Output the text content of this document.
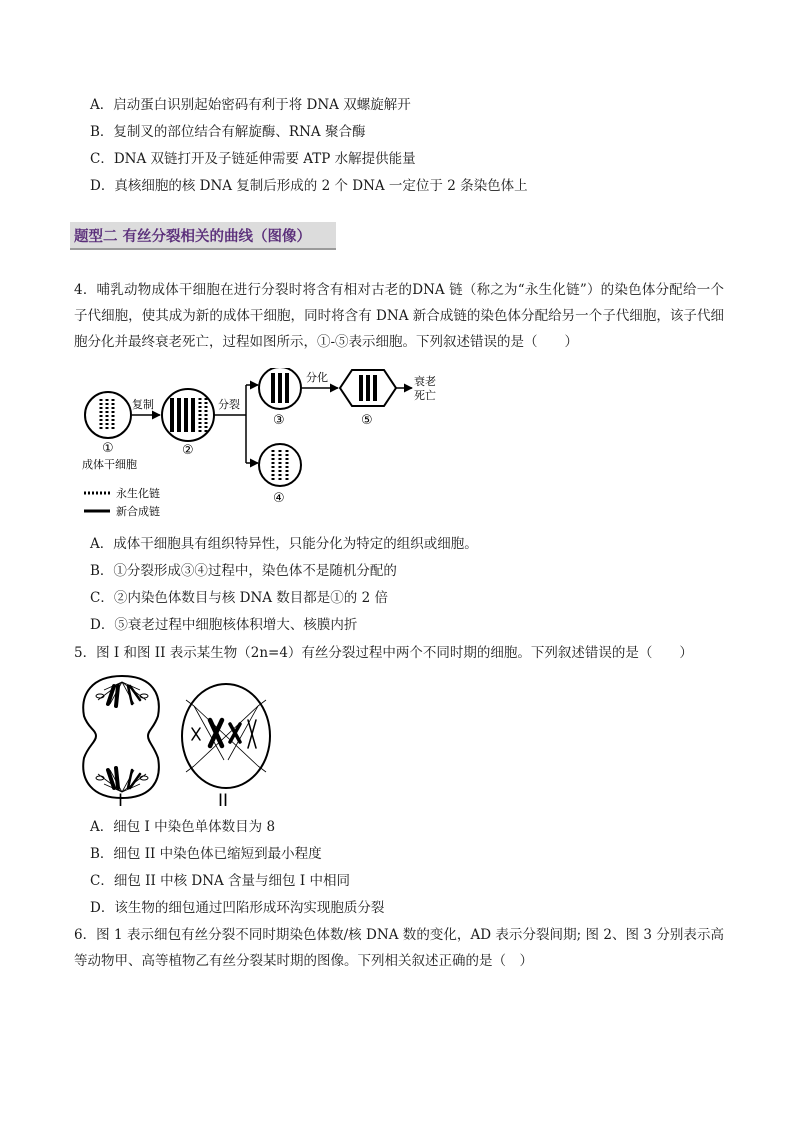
A．启动蛋白识别起始密码有利于将 DNA 双螺旋解开
B．复制叉的部位结合有解旋酶、RNA 聚合酶
C．DNA 双链打开及子链延伸需要 ATP 水解提供能量
D．真核细胞的核 DNA 复制后形成的 2 个 DNA 一定位于 2 条染色体上
题型二 有丝分裂相关的曲线（图像）
4．哺乳动物成体干细胞在进行分裂时将含有相对古老的DNA 链（称之为“永生化链”）的染色体分配给一个子代细胞，使其成为新的成体干细胞，同时将含有 DNA 新合成链的染色体分配给另一个子代细胞，该子代细胞分化并最终衰老死亡，过程如图所示，①-⑤表示细胞。下列叙述错误的是（　　）
①
成体干细胞
复制
②
分裂
③
分化
⑤
衰老
死亡
④
永生化链
新合成链
A．成体干细胞具有组织特异性，只能分化为特定的组织或细胞。
B．①分裂形成③④过程中，染色体不是随机分配的
C．②内染色体数目与核 DNA 数目都是①的 2 倍
D．⑤衰老过程中细胞核体积增大、核膜内折
5．图 I 和图 II 表示某生物（2n=4）有丝分裂过程中两个不同时期的细胞。下列叙述错误的是（　　）
I	II
A．细包 I 中染色单体数目为 8
B．细包 II 中染色体已缩短到最小程度
C．细包 II 中核 DNA 含量与细包 I 中相同
D．该生物的细包通过凹陷形成环沟实现胞质分裂
6．图 1 表示细包有丝分裂不同时期染色体数/核 DNA 数的变化，AD 表示分裂间期; 图 2、图 3 分别表示高等动物甲、高等植物乙有丝分裂某时期的图像。下列相关叙述正确的是（　）
